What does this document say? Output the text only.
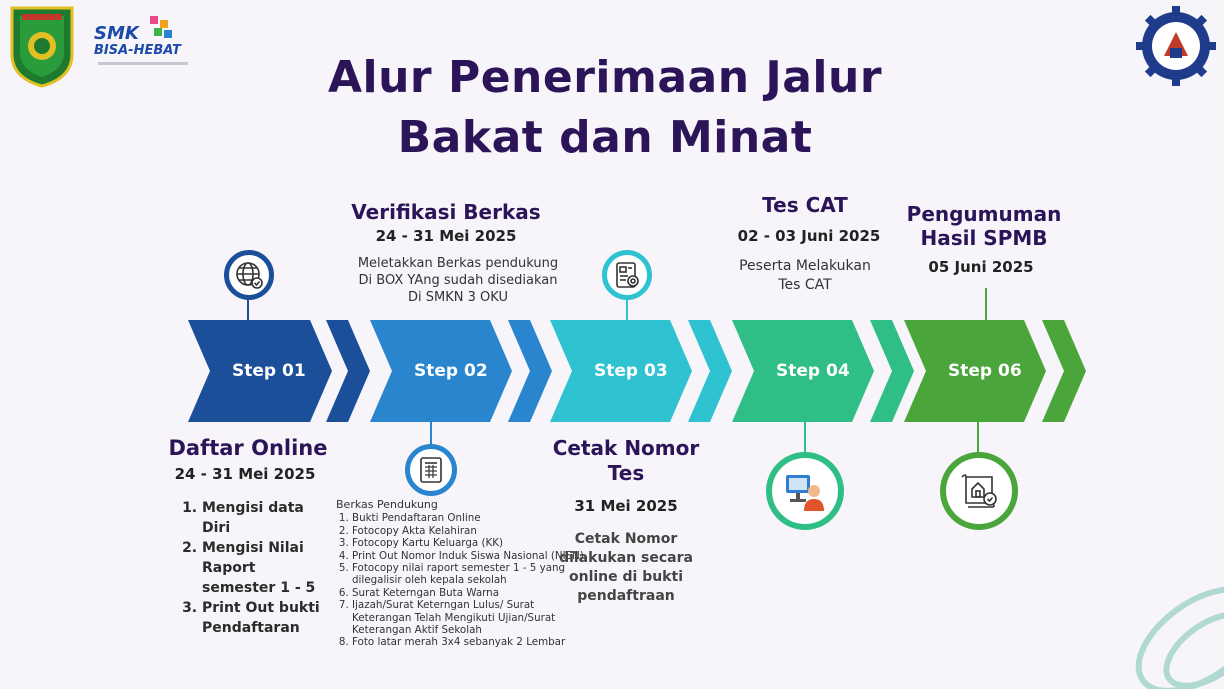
SMK
BISA-HEBAT
Alur Penerimaan Jalur
Bakat dan Minat
Step 01	Step 02	Step 03	Step 04	Step 06
Daftar Online
24 - 31 Mei 2025
1. Mengisi data Diri
2. Mengisi Nilai Raport semester 1 - 5
3. Print Out bukti Pendaftaran
Verifikasi Berkas
24 - 31 Mei 2025
Meletakkan Berkas pendukung
Di BOX YAng sudah disediakan
Di SMKN 3 OKU
Berkas Pendukung
1. Bukti Pendaftaran Online
2. Fotocopy Akta Kelahiran
3. Fotocopy Kartu Keluarga (KK)
4. Print Out Nomor Induk Siswa Nasional (NISN)
5. Fotocopy nilai raport semester 1 - 5 yang dilegalisir oleh kepala sekolah
6. Surat Keterngan Buta Warna
7. Ijazah/Surat Keterngan Lulus/ Surat Keterangan Telah Mengikuti Ujian/Surat Keterangan Aktif Sekolah
8. Foto latar merah 3x4 sebanyak 2 Lembar
Cetak Nomor
Tes
31 Mei 2025
Cetak Nomor
dilakukan secara
online di bukti
pendaftraan
Tes CAT
02 - 03 Juni 2025
Peserta Melakukan
Tes CAT
Pengumuman
Hasil SPMB
05 Juni 2025
